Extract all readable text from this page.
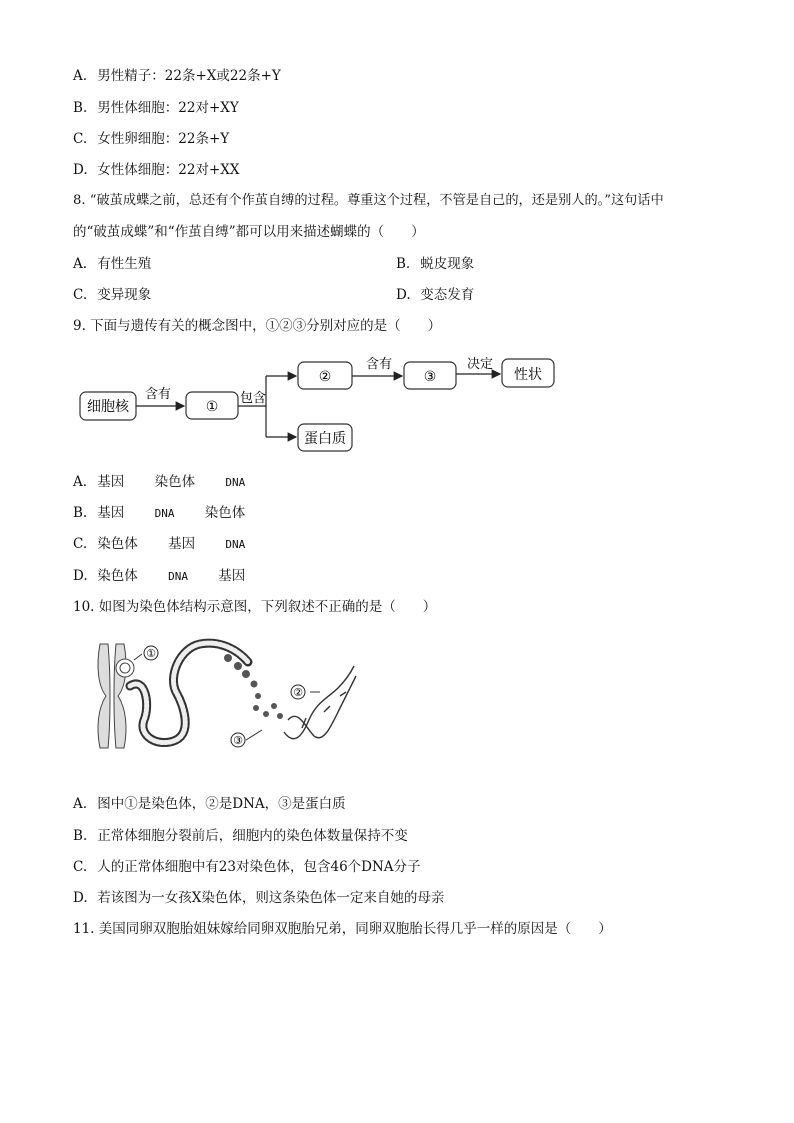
A. 男性精子：22条+X或22条+Y
B. 男性体细胞：22对+XY
C. 女性卵细胞：22条+Y
D. 女性体细胞：22对+XX
8. “破茧成蝶之前，总还有个作茧自缚的过程。尊重这个过程，不管是自己的，还是别人的。”这句话中
的“破茧成蝶”和“作茧自缚”都可以用来描述蝴蝶的（　　）
A. 有性生殖	B. 蜕皮现象
C. 变异现象	D. 变态发育
9. 下面与遗传有关的概念图中，①②③分别对应的是（　　）
细胞核	①
②	③	性状
蛋白质
含有	包含
含有	决定
A. 基因 染色体	DNA
B. 基因	DNA 染色体
C. 染色体 基因	DNA
D. 染色体	DNA 基因
10. 如图为染色体结构示意图，下列叙述不正确的是（　　）
①
③
②
A. 图中①是染色体，②是DNA，③是蛋白质
B. 正常体细胞分裂前后，细胞内的染色体数量保持不变
C. 人的正常体细胞中有23对染色体，包含46个DNA分子
D. 若该图为一女孩X染色体，则这条染色体一定来自她的母亲
11. 美国同卵双胞胎姐妹嫁给同卵双胞胎兄弟，同卵双胞胎长得几乎一样的原因是（　　）
